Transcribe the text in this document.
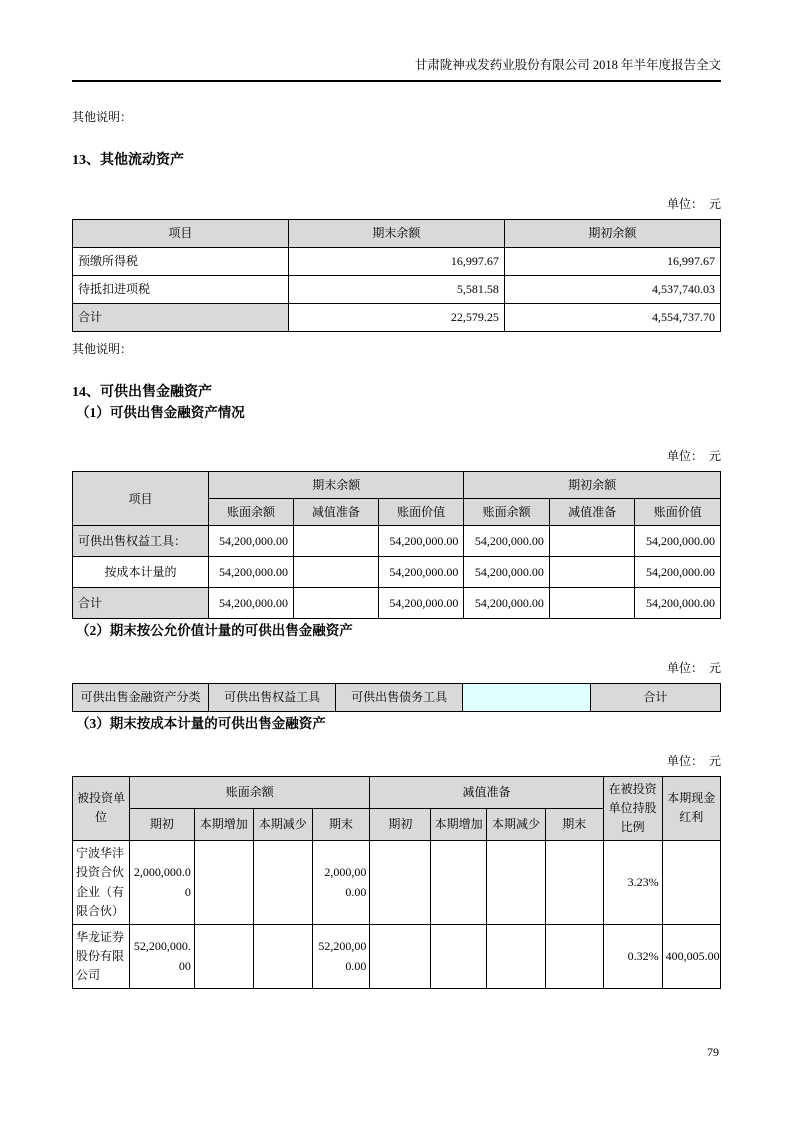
甘肃陇神戎发药业股份有限公司 2018 年半年度报告全文
其他说明：
13、其他流动资产
单位：　元
项目	期末余额	期初余额
预缴所得税	16,997.67	16,997.67
待抵扣进项税	5,581.58	4,537,740.03
合计	22,579.25	4,554,737.70
其他说明：
14、可供出售金融资产
（1）可供出售金融资产情况
单位：　元
项目	期末余额			期初余额		
	账面余额	减值准备	账面价值	账面余额	减值准备	账面价值
可供出售权益工具：	54,200,000.00		54,200,000.00	54,200,000.00		54,200,000.00
按成本计量的	54,200,000.00		54,200,000.00	54,200,000.00		54,200,000.00
合计	54,200,000.00		54,200,000.00	54,200,000.00		54,200,000.00
（2）期末按公允价值计量的可供出售金融资产
单位：　元
可供出售金融资产分类	可供出售权益工具	可供出售债务工具		合计
（3）期末按成本计量的可供出售金融资产
单位：　元
被投资单位	账面余额				减值准备				在被投资单位持股比例	本期现金红利
	期初	本期增加	本期减少	期末	期初	本期增加	本期减少	期末		
宁波华沣投资合伙企业（有限合伙）	2,000,000.00			2,000,000.00					3.23%	
华龙证券股份有限公司	52,200,000.00			52,200,000.00					0.32%	400,005.00
79
